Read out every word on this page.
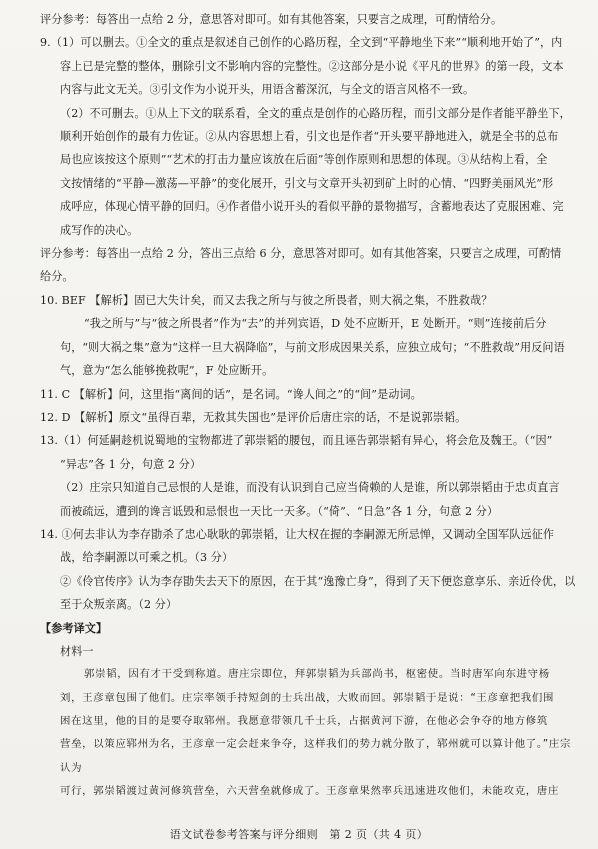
评分参考：每答出一点给 2 分，意思答对即可。如有其他答案，只要言之成理，可酌情给分。

9.（1）可以删去。①全文的重点是叙述自己创作的心路历程，全文到“平静地坐下来”“顺利地开始了”，内

容上已是完整的整体，删除引文不影响内容的完整性。②这部分是小说《平凡的世界》的第一段，文本

内容与此文无关。③引文作为小说开头，用语含蓄深沉，与全文的语言风格不一致。

（2）不可删去。①从上下文的联系看，全文的重点是创作的心路历程，而引文部分是作者能平静坐下，

顺利开始创作的最有力佐证。②从内容思想上看，引文也是作者“开头要平静地进入，就是全书的总布

局也应该按这个原则”“艺术的打击力量应该放在后面”等创作原则和思想的体现。③从结构上看，全

文按情绪的“平静—激荡—平静”的变化展开，引文与文章开头初到矿上时的心情、“四野美丽风光”形

成呼应，体现心情平静的回归。④作者借小说开头的看似平静的景物描写，含蓄地表达了克服困难、完

成写作的决心。

评分参考：每答出一点给 2 分，答出三点给 6 分，意思答对即可。如有其他答案，只要言之成理，可酌情

给分。

10. BEF 【解析】固已大失计矣，而又去我之所与与彼之所畏者，则大祸之集，不胜救哉？

“我之所与”与“彼之所畏者”作为“去”的并列宾语，D 处不应断开，E 处断开。“则”连接前后分

句，“则大祸之集”意为“这样一旦大祸降临”，与前文形成因果关系，应独立成句；“不胜救哉”用反问语

气，意为“怎么能够挽救呢”，F 处应断开。

11. C 【解析】问，这里指“离间的话”，是名词。“谗人间之”的“间”是动词。

12. D 【解析】原文“虽得百辈，无救其失国也”是评价后唐庄宗的话，不是说郭崇韬。

13.（1）何延嗣趁机说蜀地的宝物都进了郭崇韬的腰包，而且诬告郭崇韬有异心，将会危及魏王。（“因”

“异志”各 1 分，句意 2 分）

（2）庄宗只知道自己忌恨的人是谁，而没有认识到自己应当倚赖的人是谁，所以郭崇韬由于忠贞直言

而被疏远，遭到的谗言诋毁和忌恨也一天比一天多。（“倚”、“日急”各 1 分，句意 2 分）

14. ①何去非认为李存勖杀了忠心耿耿的郭崇韬，让大权在握的李嗣源无所忌惮，又调动全国军队远征作

战，给李嗣源以可乘之机。（3 分）

②《伶官传序》认为李存勖失去天下的原因，在于其“逸豫亡身”，得到了天下便恣意享乐、亲近伶优，以

至于众叛亲离。（2 分）

【参考译文】

材料一

郭崇韬，因有才干受到称道。唐庄宗即位，拜郭崇韬为兵部尚书，枢密使。当时唐军向东进守杨

刘，王彦章包围了他们。庄宗率领手持短剑的士兵出战，大败而回。郭崇韬于是说：“王彦章把我们围

困在这里，他的目的是要夺取郓州。我愿意带领几千士兵，占据黄河下游，在他必会争夺的地方修筑

营垒，以策应郓州为名，王彦章一定会赶来争夺，这样我们的势力就分散了，郓州就可以算计他了。”庄宗认为

可行，郭崇韬渡过黄河修筑营垒，六天营垒就修成了。王彦章果然率兵迅速进攻他们，未能攻克，唐庄

语文试卷参考答案与评分细则　第 2 页（共 4 页）
